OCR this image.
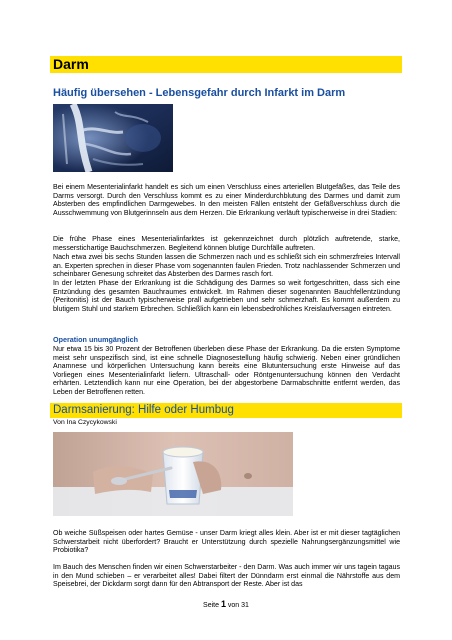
Darm
Häufig übersehen - Lebensgefahr durch Infarkt im Darm

Bei einem Mesenterialinfarkt handelt es sich um einen Verschluss eines arteriellen Blutgefäßes, das Teile des Darms versorgt. Durch den Verschluss kommt es zu einer Minderdurchblutung des Darmes und damit zum Absterben des empfindlichen Darmgewebes. In den meisten Fällen entsteht der Gefäßverschluss durch die Ausschwemmung von Blutgerinnseln aus dem Herzen. Die Erkrankung verläuft typischerweise in drei Stadien:

Die frühe Phase eines Mesenterialinfarktes ist gekennzeichnet durch plötzlich auftretende, starke, messerstichartige Bauchschmerzen. Begleitend können blutige Durchfälle auftreten.

Nach etwa zwei bis sechs Stunden lassen die Schmerzen nach und es schließt sich ein schmerzfreies Intervall an. Experten sprechen in dieser Phase vom sogenannten faulen Frieden. Trotz nachlassender Schmerzen und scheinbarer Genesung schreitet das Absterben des Darmes rasch fort.

In der letzten Phase der Erkrankung ist die Schädigung des Darmes so weit fortgeschritten, dass sich eine Entzündung des gesamten Bauchraumes entwickelt. Im Rahmen dieser sogenannten Bauchfellentzündung (Peritonitis) ist der Bauch typischerweise prall aufgetrieben und sehr schmerzhaft. Es kommt außerdem zu blutigem Stuhl und starkem Erbrechen. Schließlich kann ein lebensbedrohliches Kreislaufversagen eintreten.

Operation unumgänglich

Nur etwa 15 bis 30 Prozent der Betroffenen überleben diese Phase der Erkrankung. Da die ersten Symptome meist sehr unspezifisch sind, ist eine schnelle Diagnosestellung häufig schwierig. Neben einer gründlichen Anamnese und körperlichen Untersuchung kann bereits eine Blutuntersuchung erste Hinweise auf das Vorliegen eines Mesenterialinfarkt liefern. Ultraschall- oder Röntgenuntersuchung können den Verdacht erhärten. Letztendlich kann nur eine Operation, bei der abgestorbene Darmabschnitte entfernt werden, das Leben der Betroffenen retten.

Darmsanierung: Hilfe oder Humbug
Von Ina Czycykowski

Ob weiche Süßspeisen oder hartes Gemüse - unser Darm kriegt alles klein. Aber ist er mit dieser tagtäglichen Schwerstarbeit nicht überfordert? Braucht er Unterstützung durch spezielle Nahrungsergänzungsmittel wie Probiotika?

Im Bauch des Menschen finden wir einen Schwerstarbeiter - den Darm. Was auch immer wir uns tagein tagaus in den Mund schieben – er verarbeitet alles! Dabei filtert der Dünndarm erst einmal die Nährstoffe aus dem Speisebrei, der Dickdarm sorgt dann für den Abtransport der Reste. Aber ist das

Seite 1 von 31
